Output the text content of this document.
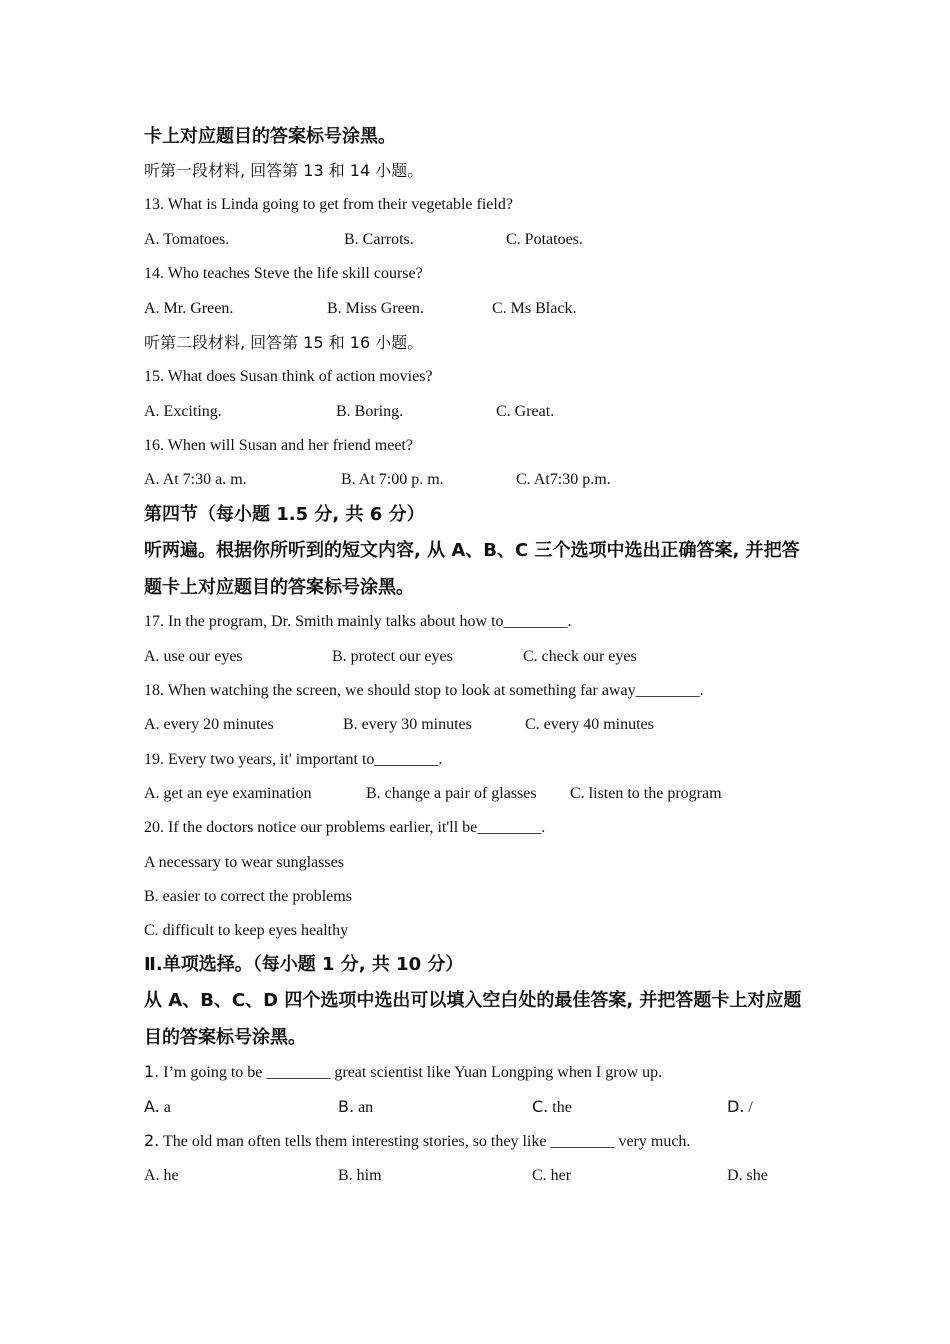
卡上对应题目的答案标号涂黑。
听第一段材料, 回答第 13 和 14 小题。
13. What is Linda going to get from their vegetable field?
A. Tomatoes.	B. Carrots.	C. Potatoes.
14. Who teaches Steve the life skill course?
A. Mr. Green.	B. Miss Green.	C. Ms Black.
听第二段材料, 回答第 15 和 16 小题。
15. What does Susan think of action movies?
A. Exciting.	B. Boring.	C. Great.
16. When will Susan and her friend meet?
A. At 7:30 a. m.	B. At 7:00 p. m.	C. At7:30 p.m.
第四节（每小题 1.5 分, 共 6 分）
听两遍。根据你所听到的短文内容, 从 A、B、C 三个选项中选出正确答案, 并把答
题卡上对应题目的答案标号涂黑。
17. In the program, Dr. Smith mainly talks about how to________.
A. use our eyes	B. protect our eyes	C. check our eyes
18. When watching the screen, we should stop to look at something far away________.
A. every 20 minutes	B. every 30 minutes	C. every 40 minutes
19. Every two years, it' important to________.
A. get an eye examination	B. change a pair of glasses C. listen to the program
20. If the doctors notice our problems earlier, it'll be________.
A necessary to wear sunglasses
B. easier to correct the problems
C. difficult to keep eyes healthy
Ⅱ.单项选择。（每小题 1 分, 共 10 分）
从 A、B、C、D 四个选项中选出可以填入空白处的最佳答案, 并把答题卡上对应题
目的答案标号涂黑。
1. I’m going to be ________ great scientist like Yuan Longping when I grow up.
A. a	B. an	C. the	D. /
2. The old man often tells them interesting stories, so they like ________ very much.
A. he	B. him	C. her	D. she
